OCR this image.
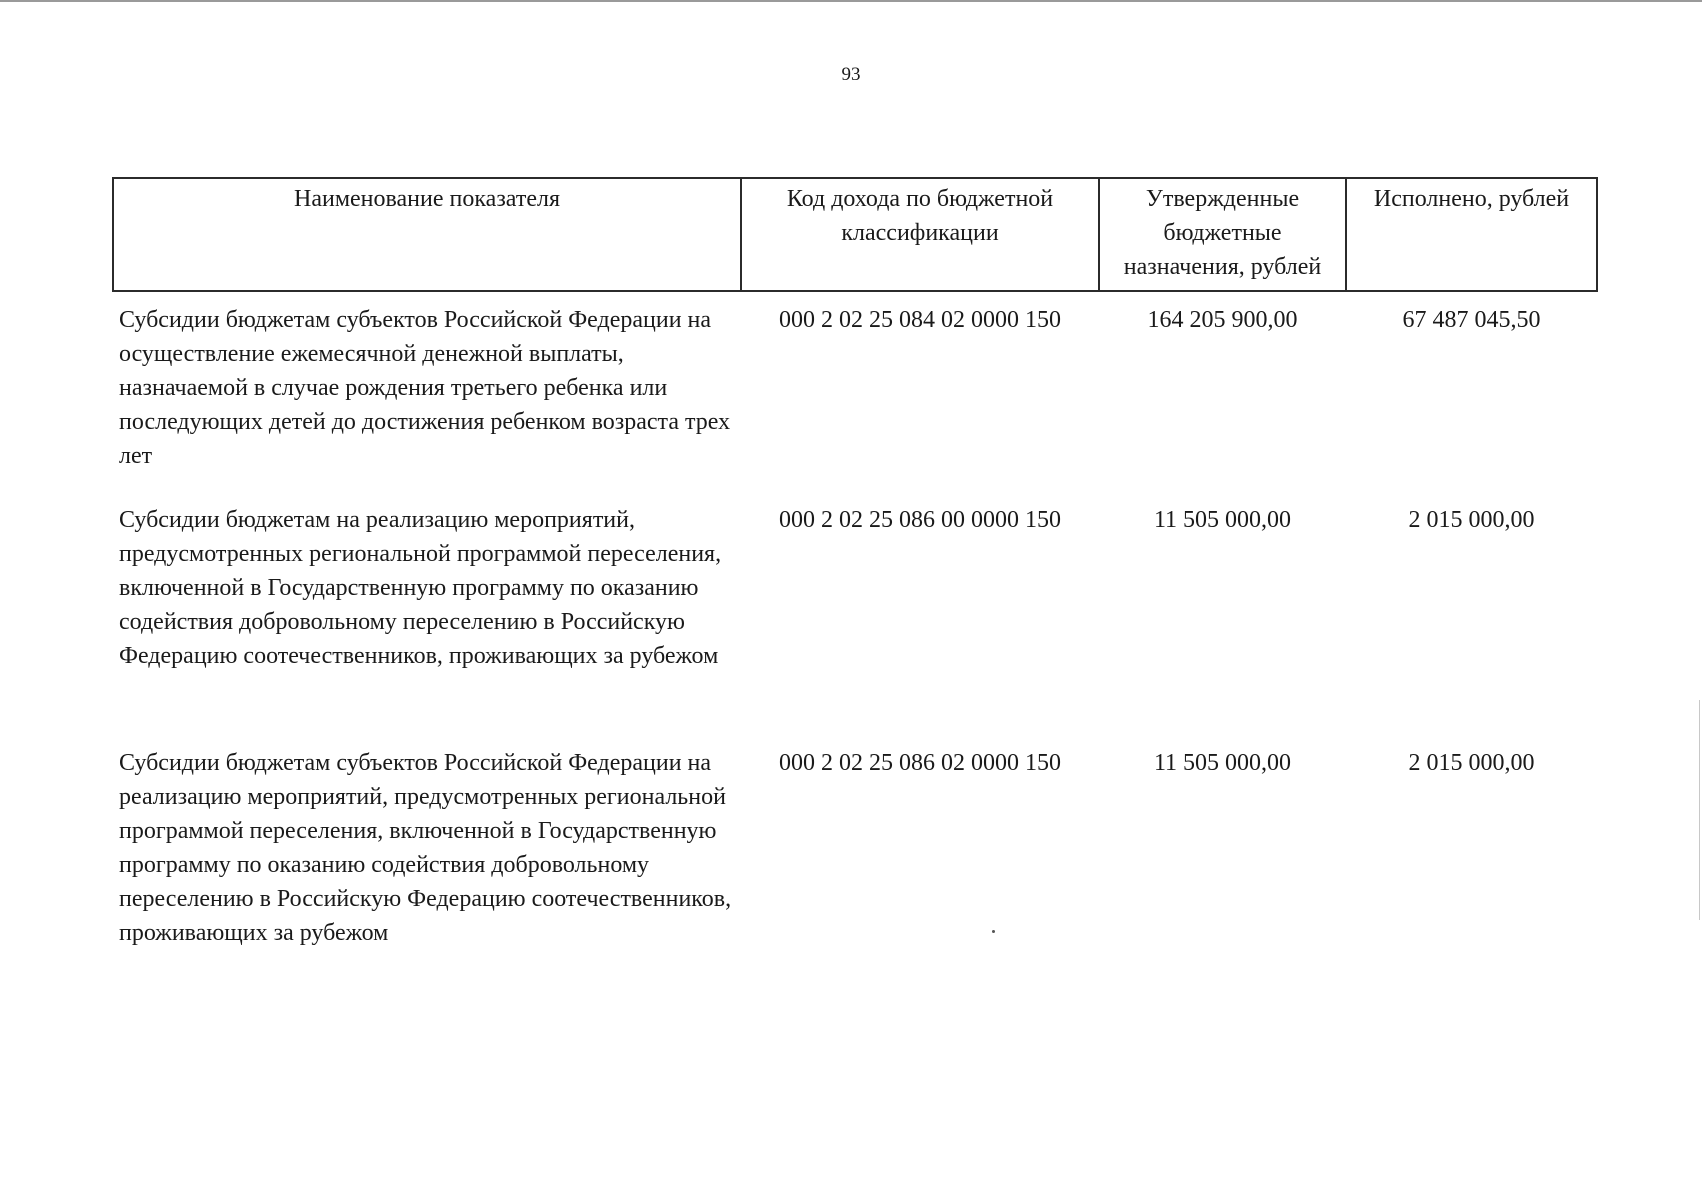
93
Наименование показателя	Код дохода по бюджетной классификации	Утвержденные бюджетные назначения, рублей	Исполнено, рублей
Субсидии бюджетам субъектов Российской Федерации на осуществление ежемесячной денежной выплаты, назначаемой в случае рождения третьего ребенка или последующих детей до достижения ребенком возраста трех лет	000 2 02 25 084 02 0000 150	164 205 900,00	67 487 045,50
Субсидии бюджетам на реализацию мероприятий, предусмотренных региональной программой переселения, включенной в Государственную программу по оказанию содействия добровольному переселению в Российскую Федерацию соотечественников, проживающих за рубежом	000 2 02 25 086 00 0000 150	11 505 000,00	2 015 000,00
Субсидии бюджетам субъектов Российской Федерации на реализацию мероприятий, предусмотренных региональной программой переселения, включенной в Государственную программу по оказанию содействия добровольному переселению в Российскую Федерацию соотечественников, проживающих за рубежом	000 2 02 25 086 02 0000 150	11 505 000,00	2 015 000,00
